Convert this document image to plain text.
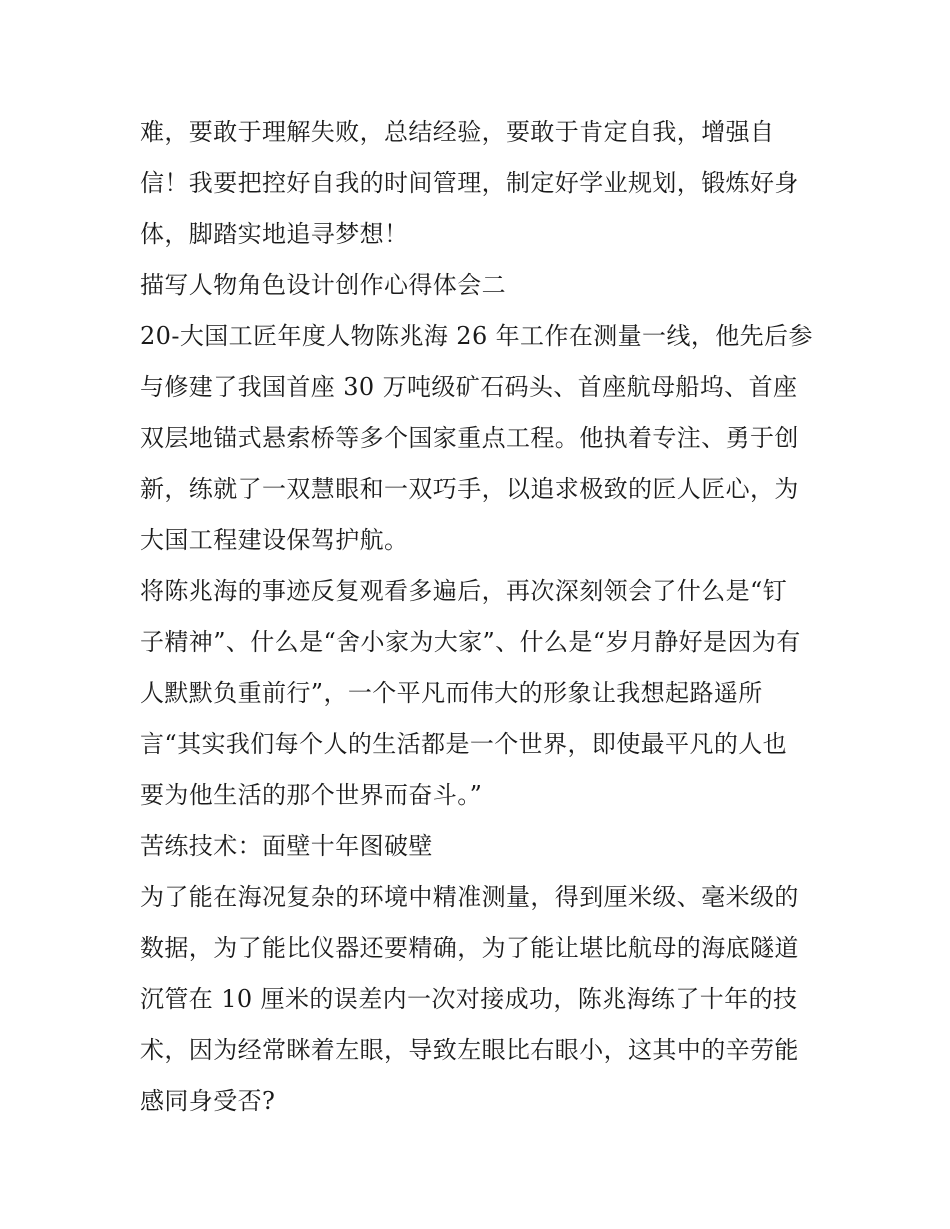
难，要敢于理解失败，总结经验，要敢于肯定自我，增强自
信！我要把控好自我的时间管理，制定好学业规划，锻炼好身
体，脚踏实地追寻梦想！
描写人物角色设计创作心得体会二
20-大国工匠年度人物陈兆海 26 年工作在测量一线，他先后参
与修建了我国首座 30 万吨级矿石码头、首座航母船坞、首座
双层地锚式悬索桥等多个国家重点工程。他执着专注、勇于创
新，练就了一双慧眼和一双巧手，以追求极致的匠人匠心，为
大国工程建设保驾护航。
将陈兆海的事迹反复观看多遍后，再次深刻领会了什么是“钉
子精神”、什么是“舍小家为大家”、什么是“岁月静好是因为有
人默默负重前行”，一个平凡而伟大的形象让我想起路遥所
言“其实我们每个人的生活都是一个世界，即使最平凡的人也
要为他生活的那个世界而奋斗。”
苦练技术：面壁十年图破壁
为了能在海况复杂的环境中精准测量，得到厘米级、毫米级的
数据，为了能比仪器还要精确，为了能让堪比航母的海底隧道
沉管在 10 厘米的误差内一次对接成功，陈兆海练了十年的技
术，因为经常眯着左眼，导致左眼比右眼小，这其中的辛劳能
感同身受否?
